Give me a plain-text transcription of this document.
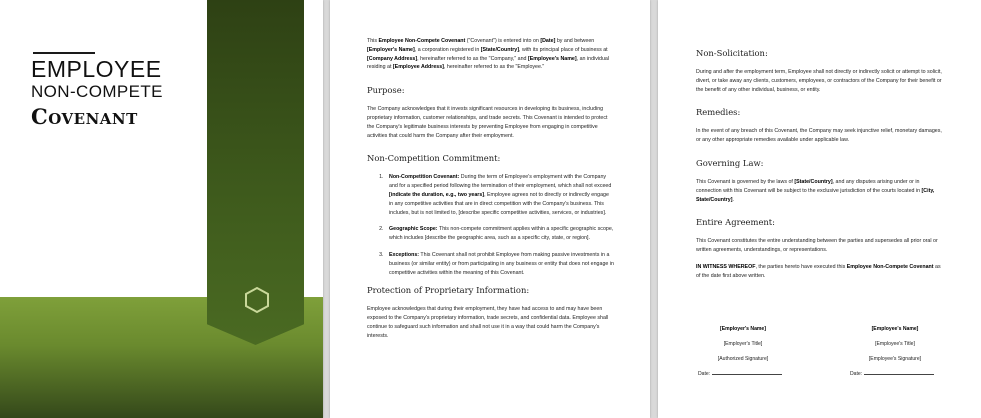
EMPLOYEE
NON-COMPETE
Covenant
This Employee Non-Compete Covenant ("Covenant") is entered into on [Date] by and between [Employer's Name], a corporation registered in [State/Country], with its principal place of business at [Company Address], hereinafter referred to as the "Company," and [Employee's Name], an individual residing at [Employee Address], hereinafter referred to as the "Employee."
Purpose:
The Company acknowledges that it invests significant resources in developing its business, including proprietary information, customer relationships, and trade secrets. This Covenant is intended to protect the Company's legitimate business interests by preventing Employee from engaging in competitive activities that could harm the Company after their employment.
Non-Competition Commitment:
1. Non-Competition Covenant: During the term of Employee's employment with the Company and for a specified period following the termination of their employment, which shall not exceed [indicate the duration, e.g., two years], Employee agrees not to directly or indirectly engage in any competitive activities that are in direct competition with the Company's business. This includes, but is not limited to, [describe specific competitive activities, services, or industries].
2. Geographic Scope: This non-compete commitment applies within a specific geographic scope, which includes [describe the geographic area, such as a specific city, state, or region].
3. Exceptions: This Covenant shall not prohibit Employee from making passive investments in a business (or similar entity) or from participating in any business or entity that does not engage in competitive activities within the meaning of this Covenant.
Protection of Proprietary Information:
Employee acknowledges that during their employment, they have had access to and may have been exposed to the Company's proprietary information, trade secrets, and confidential data. Employee shall continue to safeguard such information and shall not use it in a way that could harm the Company's interests.
Non-Solicitation:
During and after the employment term, Employee shall not directly or indirectly solicit or attempt to solicit, divert, or take away any clients, customers, employees, or contractors of the Company for their benefit or the benefit of any other individual, business, or entity.
Remedies:
In the event of any breach of this Covenant, the Company may seek injunctive relief, monetary damages, or any other appropriate remedies available under applicable law.
Governing Law:
This Covenant is governed by the laws of [State/Country], and any disputes arising under or in connection with this Covenant will be subject to the exclusive jurisdiction of the courts located in [City, State/Country].
Entire Agreement:
This Covenant constitutes the entire understanding between the parties and supersedes all prior oral or written agreements, understandings, or representations.
IN WITNESS WHEREOF, the parties hereto have executed this Employee Non-Compete Covenant as of the date first above written.
[Employer's Name]
[Employer's Title]
[Authorized Signature]
Date:
[Employee's Name]
[Employee's Title]
[Employee's Signature]
Date:
